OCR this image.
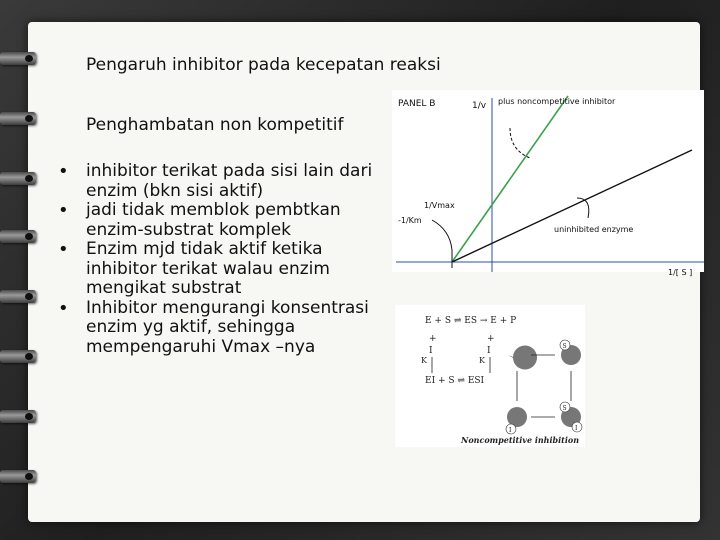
Pengaruh inhibitor pada kecepatan reaksi
Penghambatan non kompetitif
• inhibitor terikat pada sisi lain dari enzim (bkn sisi aktif)
• jadi tidak memblok pembtkan enzim-substrat komplek
• Enzim mjd tidak aktif ketika inhibitor terikat walau enzim mengikat substrat
• Inhibitor mengurangi konsentrasi enzim yg aktif, sehingga mempengaruhi Vmax –nya
PANEL B	1/v plus noncompetitive inhibitor
1/Vmax
-1/Km
uninhibited enzyme
1/[ S ]
E + S ⇌ ES → E + P
EI + S ⇌ ESI
+
I
+
I
K	K
S
I
S
I
Noncompetitive inhibition
